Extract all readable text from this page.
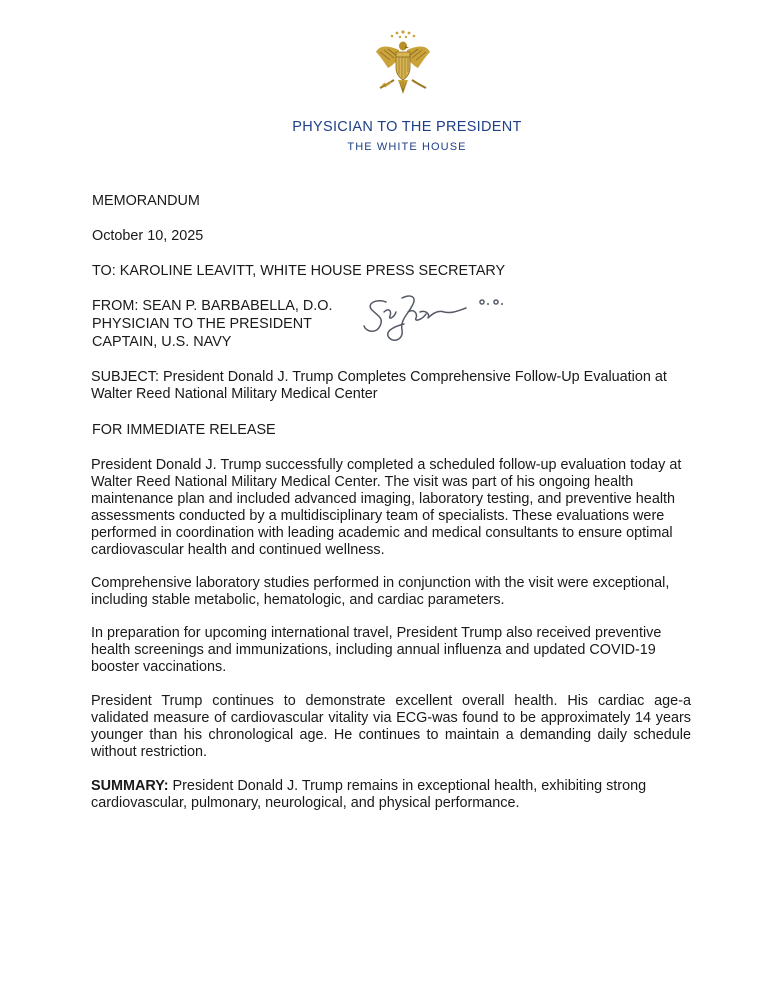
PHYSICIAN TO THE PRESIDENT
THE WHITE HOUSE
MEMORANDUM
October 10, 2025
TO: KAROLINE LEAVITT, WHITE HOUSE PRESS SECRETARY
FROM: SEAN P. BARBABELLA, D.O.
PHYSICIAN TO THE PRESIDENT
CAPTAIN, U.S. NAVY
SUBJECT: President Donald J. Trump Completes Comprehensive Follow-Up Evaluation at Walter Reed National Military Medical Center
FOR IMMEDIATE RELEASE
President Donald J. Trump successfully completed a scheduled follow-up evaluation today at Walter Reed National Military Medical Center. The visit was part of his ongoing health maintenance plan and included advanced imaging, laboratory testing, and preventive health assessments conducted by a multidisciplinary team of specialists. These evaluations were performed in coordination with leading academic and medical consultants to ensure optimal cardiovascular health and continued wellness.
Comprehensive laboratory studies performed in conjunction with the visit were exceptional, including stable metabolic, hematologic, and cardiac parameters.
In preparation for upcoming international travel, President Trump also received preventive health screenings and immunizations, including annual influenza and updated COVID-19 booster vaccinations.
President Trump continues to demonstrate excellent overall health. His cardiac age-a validated measure of cardiovascular vitality via ECG-was found to be approximately 14 years younger than his chronological age. He continues to maintain a demanding daily schedule without restriction.
SUMMARY: President Donald J. Trump remains in exceptional health, exhibiting strong cardiovascular, pulmonary, neurological, and physical performance.
